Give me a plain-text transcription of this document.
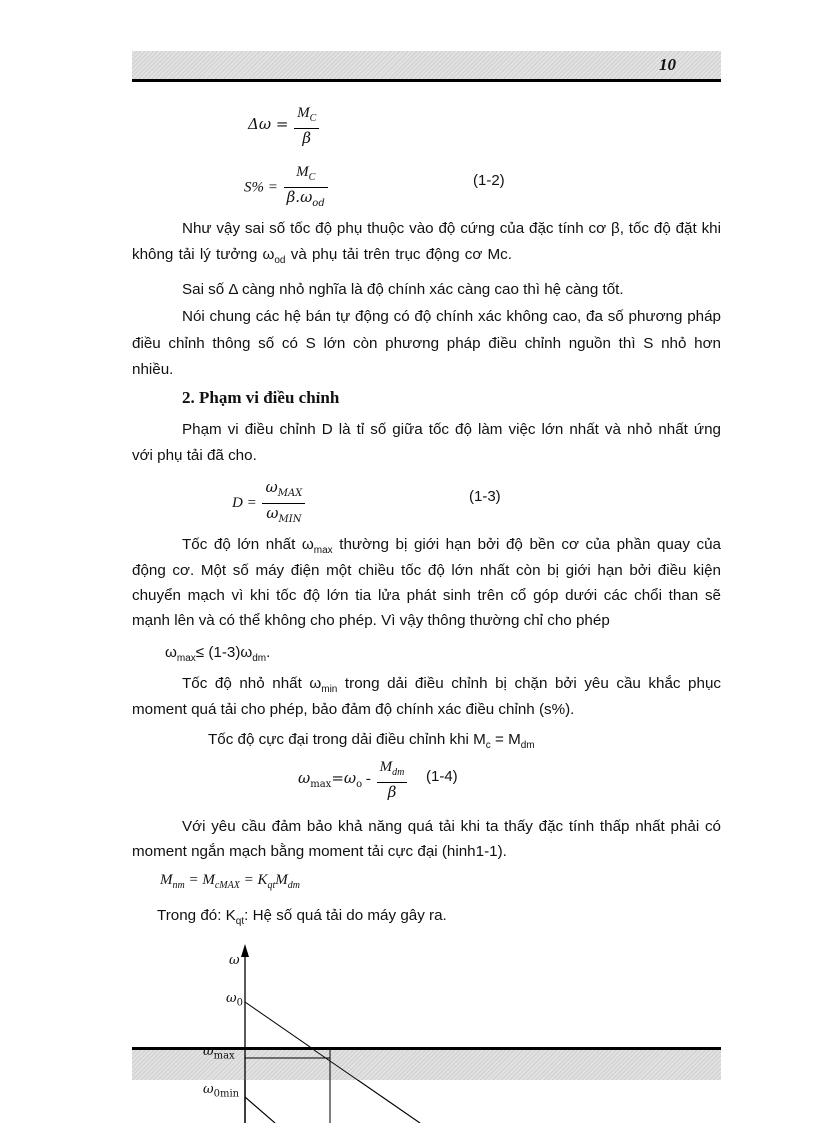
10
$\Delta\omega = \frac{M_C}{\beta}$
$S\% = \frac{M_C}{\beta.\omega_{od}}$	(1-2)

Như vậy sai số tốc độ phụ thuộc vào độ cứng của đặc tính cơ β, tốc độ đặt khi

không tải lý tưởng $\omega_{od}$ và phụ tải trên trục động cơ Mc.

Sai số Δ càng nhỏ nghĩa là độ chính xác càng cao thì hệ càng tốt.

Nói chung các hệ bán tự động có độ chính xác không cao, đa số phương pháp

điều chỉnh thông số có S lớn còn phương pháp điều chỉnh nguồn thì S nhỏ hơn

nhiều.

2. Phạm vi điều chỉnh

Phạm vi điều chỉnh D là tỉ số giữa tốc độ làm việc lớn nhất và nhỏ nhất ứng

với phụ tải đã cho.

$D = \frac{\omega_{MAX}}{\omega_{MIN}}$	(1-3)

Tốc độ lớn nhất $\omega_{max}$ thường bị giới hạn bởi độ bền cơ của phần quay của

động cơ. Một số máy điện một chiều tốc độ lớn nhất còn bị giới hạn bởi điều kiện

chuyển mạch vì khi tốc độ lớn tia lửa phát sinh trên cổ góp dưới các chổi than sẽ

mạnh lên và có thể không cho phép. Vì vậy thông thường chỉ cho phép

$\omega_{max}\le (1-3)\omega_{dm}$.

Tốc độ nhỏ nhất $\omega_{min}$ trong dải điều chỉnh bị chặn bởi yêu cầu khắc phục

moment quá tải cho phép, bảo đảm độ chính xác điều chỉnh (s%).

Tốc độ cực đại trong dải điều chỉnh khi $M_c = M_{dm}$

$\omega_{max}=\omega_o - \frac{M_{dm}}{\beta} (1-4)$

Với yêu cầu đảm bảo khả năng quá tải khi ta thấy đặc tính thấp nhất phải có

moment ngắn mạch bằng moment tải cực đại (hinh1-1).

$M_{nm} = M_{cMAX} = K_{qt}M_{dm}$

Trong đó: $K_{qt}$: Hệ số quá tải do máy gây ra.

ω
$\omega_0$
$\omega_{max}$
$\omega_{0min}$
